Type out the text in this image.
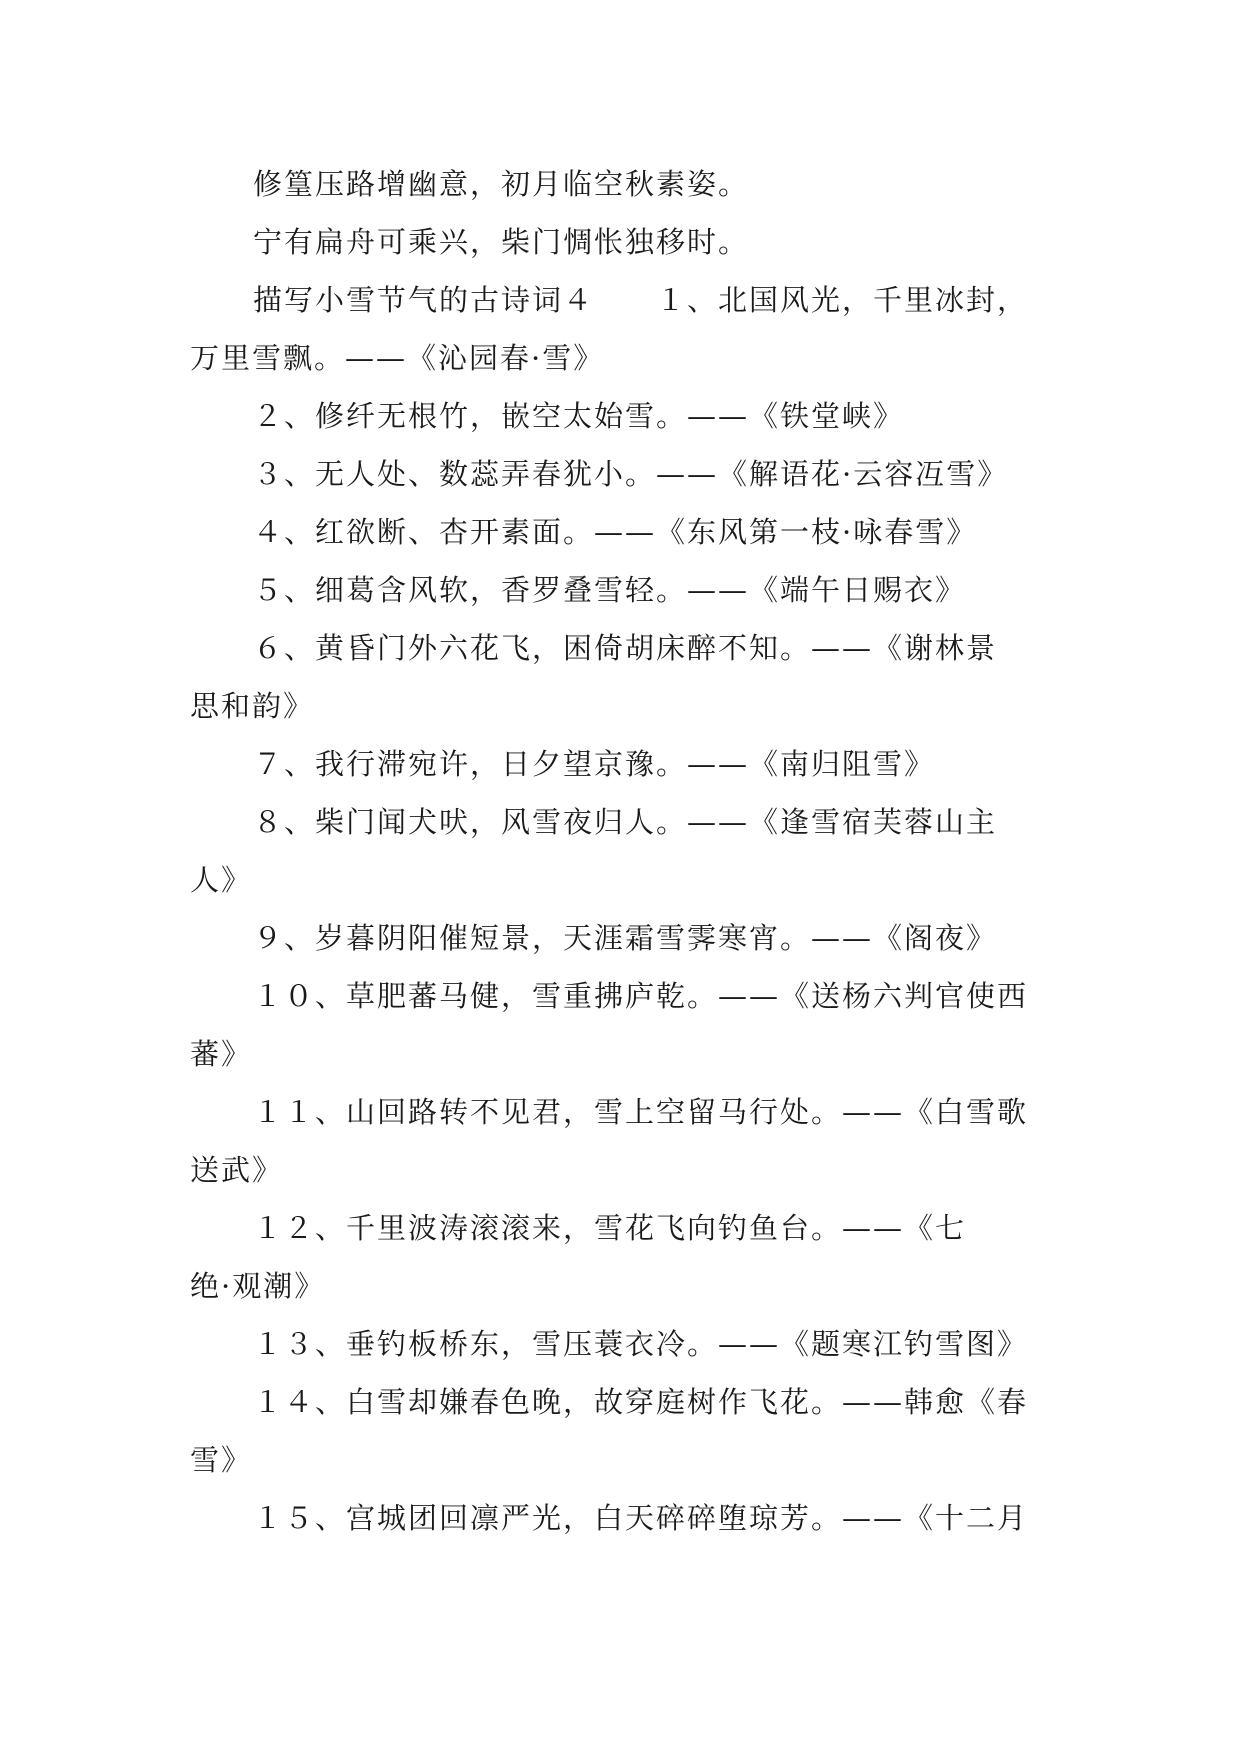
修篁压路增幽意，初月临空秋素姿。
宁有扁舟可乘兴，柴门惆怅独移时。
描写小雪节气的古诗词４　　１、北国风光，千里冰封，
万里雪飘。——《沁园春·雪》
２、修纤无根竹，嵌空太始雪。——《铁堂峡》
３、无人处、数蕊弄春犹小。——《解语花·云容冱雪》
４、红欲断、杏开素面。——《东风第一枝·咏春雪》
５、细葛含风软，香罗叠雪轻。——《端午日赐衣》
６、黄昏门外六花飞，困倚胡床醉不知。——《谢林景
思和韵》
７、我行滞宛许，日夕望京豫。——《南归阻雪》
８、柴门闻犬吠，风雪夜归人。——《逢雪宿芙蓉山主
人》
９、岁暮阴阳催短景，天涯霜雪霁寒宵。——《阁夜》
１０、草肥蕃马健，雪重拂庐乾。——《送杨六判官使西
蕃》
１１、山回路转不见君，雪上空留马行处。——《白雪歌
送武》
１２、千里波涛滚滚来，雪花飞向钓鱼台。——《七
绝·观潮》
１３、垂钓板桥东，雪压蓑衣冷。——《题寒江钓雪图》
１４、白雪却嫌春色晚，故穿庭树作飞花。——韩愈《春
雪》
１５、宫城团回凛严光，白天碎碎堕琼芳。——《十二月
